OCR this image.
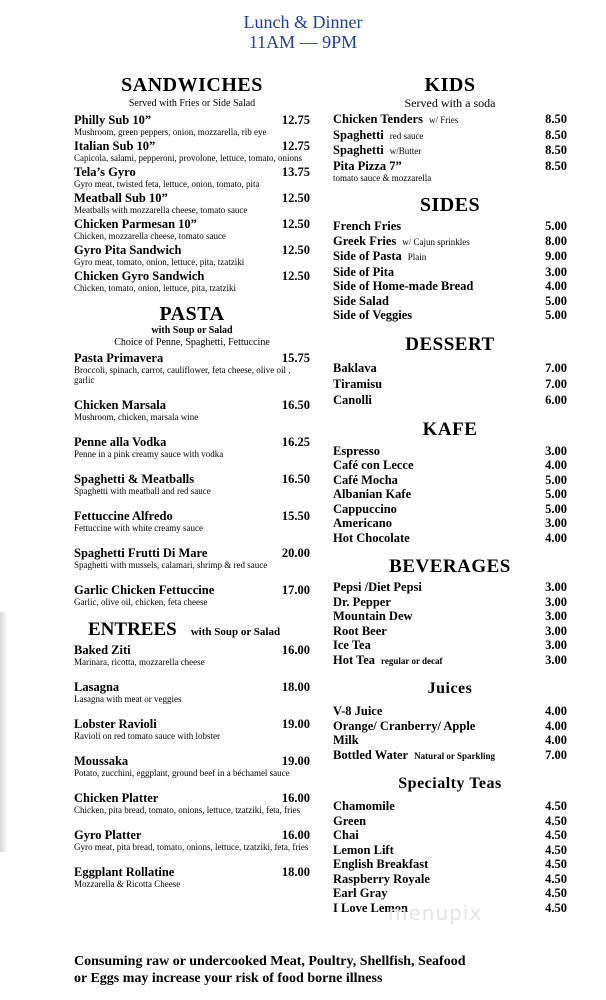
Lunch & Dinner
11AM — 9PM
SANDWICHES
Served with Fries or Side Salad
Philly Sub 10”	12.75
Mushroom, green peppers, onion, mozzarella, rib eye
Italian Sub 10”	12.75
Capicola, salami, pepperoni, provolone, lettuce, tomato, onions
Tela’s Gyro	13.75
Gyro meat, twisted feta, lettuce, onion, tomato, pita
Meatball Sub 10”	12.50
Meatballs with mozzarella cheese, tomato sauce
Chicken Parmesan 10”	12.50
Chicken, mozzarella cheese, tomato sauce
Gyro Pita Sandwich	12.50
Gyro meat, tomato, onion, lettuce, pita, tzatziki
Chicken Gyro Sandwich	12.50
Chicken, tomato, onion, lettuce, pita, tzatziki
PASTA
with Soup or Salad
Choice of Penne, Spaghetti, Fettuccine
Pasta Primavera	15.75
Broccoli, spinach, carrot, cauliflower, feta cheese, olive oil , garlic
Chicken Marsala	16.50
Mushroom, chicken, marsala wine
Penne alla Vodka	16.25
Penne in a pink creamy sauce with vodka
Spaghetti & Meatballs	16.50
Spaghetti with meatball and red sauce
Fettuccine Alfredo	15.50
Fettuccine with white creamy sauce
Spaghetti Frutti Di Mare	20.00
Spaghetti with mussels, calamari, shrimp & red sauce
Garlic Chicken Fettuccine	17.00
Garlic, olive oil, chicken, feta cheese
ENTREES with Soup or Salad
Baked Ziti	16.00
Marinara, ricotta, mozzarella cheese
Lasagna	18.00
Lasagna with meat or veggies
Lobster Ravioli	19.00
Ravioli on red tomato sauce with lobster
Moussaka	19.00
Potato, zucchini, eggplant, ground beef in a béchamel sauce
Chicken Platter	16.00
Chicken, pita bread, tomato, onions, lettuce, tzatziki, feta, fries
Gyro Platter	16.00
Gyro meat, pita bread, tomato, onions, lettuce, tzatziki, feta, fries
Eggplant Rollatine	18.00
Mozzarella & Ricotta Cheese
KIDS
Served with a soda
Chicken Tenders w/ Fries	8.50
Spaghetti red sauce	8.50
Spaghetti w/Butter	8.50
Pita Pizza 7”	8.50
tomato sauce & mozzarella
SIDES
French Fries	5.00
Greek Fries w/ Cajun sprinkles	8.00
Side of Pasta Plain	9.00
Side of Pita	3.00
Side of Home-made Bread	4.00
Side Salad	5.00
Side of Veggies	5.00
DESSERT
Baklava	7.00
Tiramisu	7.00
Canolli	6.00
KAFE
Espresso	3.00
Café con Lecce	4.00
Café Mocha	5.00
Albanian Kafe	5.00
Cappuccino	5.00
Americano	3.00
Hot Chocolate	4.00
BEVERAGES
Pepsi /Diet Pepsi	3.00
Dr. Pepper	3.00
Mountain Dew	3.00
Root Beer	3.00
Ice Tea	3.00
Hot Tea regular or decaf	3.00
Juices
V-8 Juice	4.00
Orange/ Cranberry/ Apple	4.00
Milk	4.00
Bottled Water Natural or Sparkling	7.00
Specialty Teas
Chamomile	4.50
Green	4.50
Chai	4.50
Lemon Lift	4.50
English Breakfast	4.50
Raspberry Royale	4.50
Earl Gray	4.50
I Love Lemon	4.50
menupix
Consuming raw or undercooked Meat, Poultry, Shellfish, Seafood
or Eggs may increase your risk of food borne illness
